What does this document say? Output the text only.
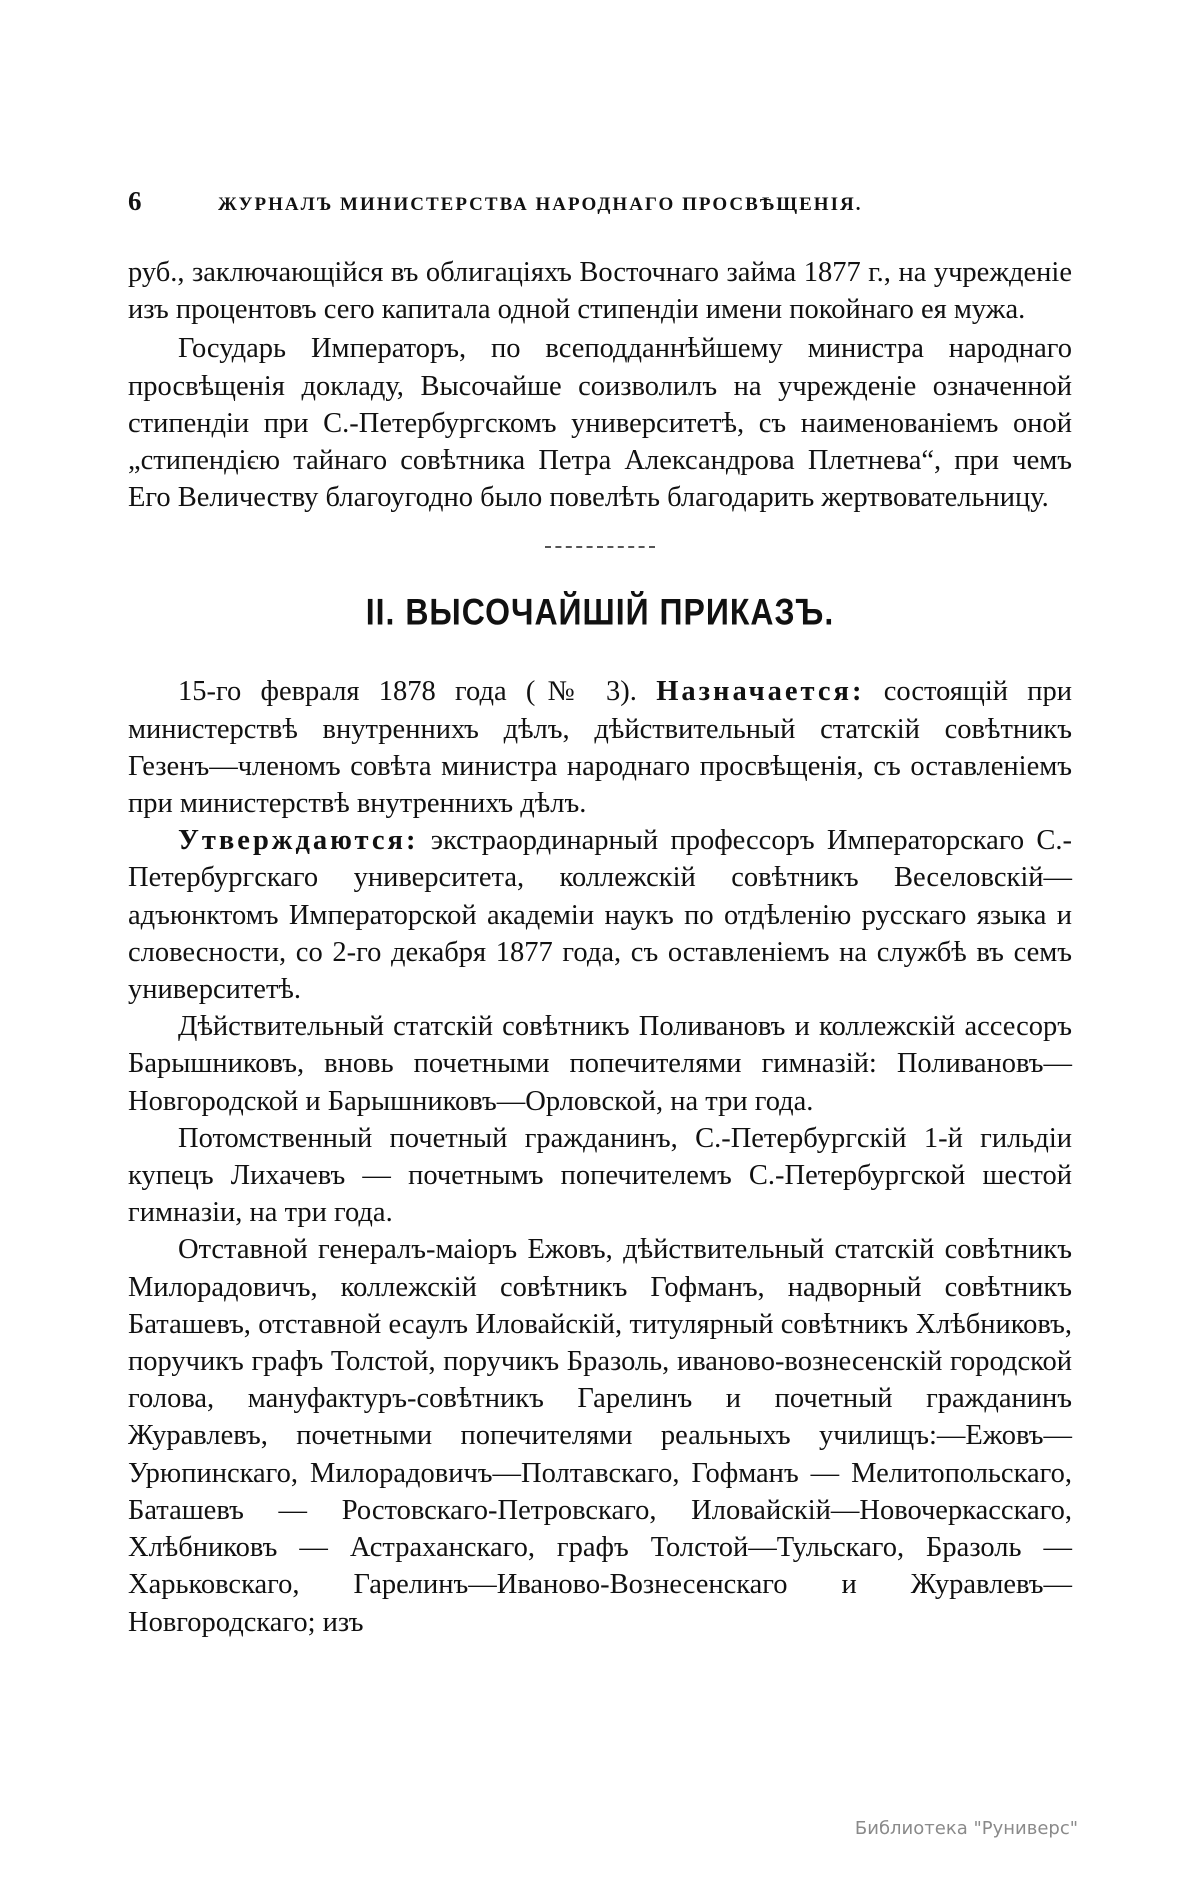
6	ЖУРНАЛЪ МИНИСТЕРСТВА НАРОДНАГО ПРОСВѢЩЕНІЯ.

руб., заключающійся въ облигаціяхъ Восточнаго займа 1877 г., на учрежденіе изъ процентовъ сего капитала одной стипендіи имени покойнаго ея мужа.

Государь Императоръ, по всеподданнѣйшему министра народнаго просвѣщенія докладу, Высочайше соизволилъ на учрежденіе означенной стипендіи при С.-Петербургскомъ университетѣ, съ наименованіемъ оной „стипендією тайнаго совѣтника Петра Александрова Плетнева“, при чемъ Его Величеству благоугодно было повелѣть благодарить жертвовательницу.

II. ВЫСОЧАЙШІЙ ПРИКАЗЪ.

15-го февраля 1878 года (№ 3). Назначается: состоящій при министерствѣ внутреннихъ дѣлъ, дѣйствительный статскій совѣтникъ Гезенъ—членомъ совѣта министра народнаго просвѣщенія, съ оставленіемъ при министерствѣ внутреннихъ дѣлъ.

Утверждаются: экстраординарный профессоръ Императорскаго С.-Петербургскаго университета, коллежскій совѣтникъ Веселовскій—адъюнктомъ Императорской академіи наукъ по отдѣленію русскаго языка и словесности, со 2-го декабря 1877 года, съ оставленіемъ на службѣ въ семъ университетѣ.

Дѣйствительный статскій совѣтникъ Поливановъ и коллежскій ассесоръ Барышниковъ, вновь почетными попечителями гимназій: Поливановъ—Новгородской и Барышниковъ—Орловской, на три года.

Потомственный почетный гражданинъ, С.-Петербургскій 1-й гильдіи купецъ Лихачевъ — почетнымъ попечителемъ С.-Петербургской шестой гимназіи, на три года.

Отставной генералъ-маіоръ Ежовъ, дѣйствительный статскій совѣтникъ Милорадовичъ, коллежскій совѣтникъ Гофманъ, надворный совѣтникъ Баташевъ, отставной есаулъ Иловайскій, титулярный совѣтникъ Хлѣбниковъ, поручикъ графъ Толстой, поручикъ Бразоль, иваново-вознесенскій городской голова, мануфактуръ-совѣтникъ Гарелинъ и почетный гражданинъ Журавлевъ, почетными попечителями реальныхъ училищъ:—Ежовъ—Урюпинскаго, Милорадовичъ—Полтавскаго, Гофманъ — Мелитопольскаго, Баташевъ — Ростовскаго-Петровскаго, Иловайскій—Новочеркасскаго, Хлѣбниковъ — Астраханскаго, графъ Толстой—Тульскаго, Бразоль — Харьковскаго, Гарелинъ—Иваново-Вознесенскаго и Журавлевъ—Новгородскаго; изъ

Библиотека "Руниверс"
